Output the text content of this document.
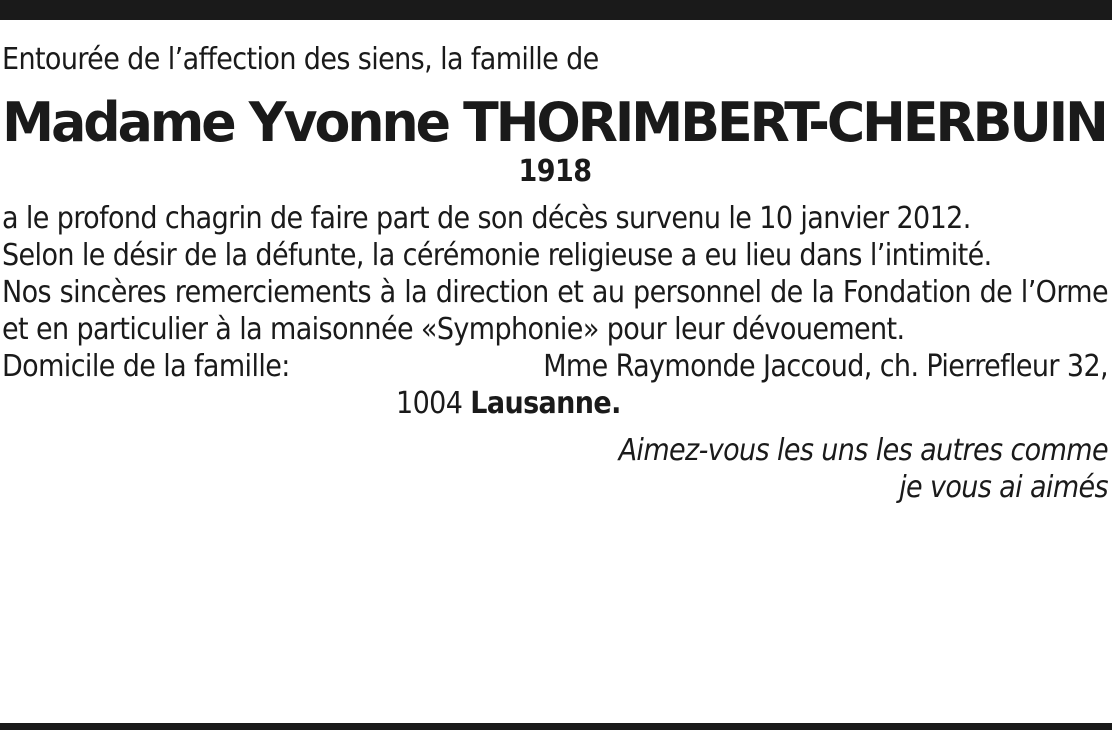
Entourée de l’affection des siens, la famille de
Madame Yvonne THORIMBERT-CHERBUIN
1918
a le profond chagrin de faire part de son décès survenu le 10 janvier 2012.
Selon le désir de la défunte, la cérémonie religieuse a eu lieu dans l’intimité.
Nos sincères remerciements à la direction et au personnel de la Fondation de l’Orme et en particulier à la maisonnée «Symphonie» pour leur dévouement.
Domicile de la famille:	Mme Raymonde Jaccoud, ch. Pierrefleur 32,
1004 Lausanne.
Aimez-vous les uns les autres comme
je vous ai aimés
